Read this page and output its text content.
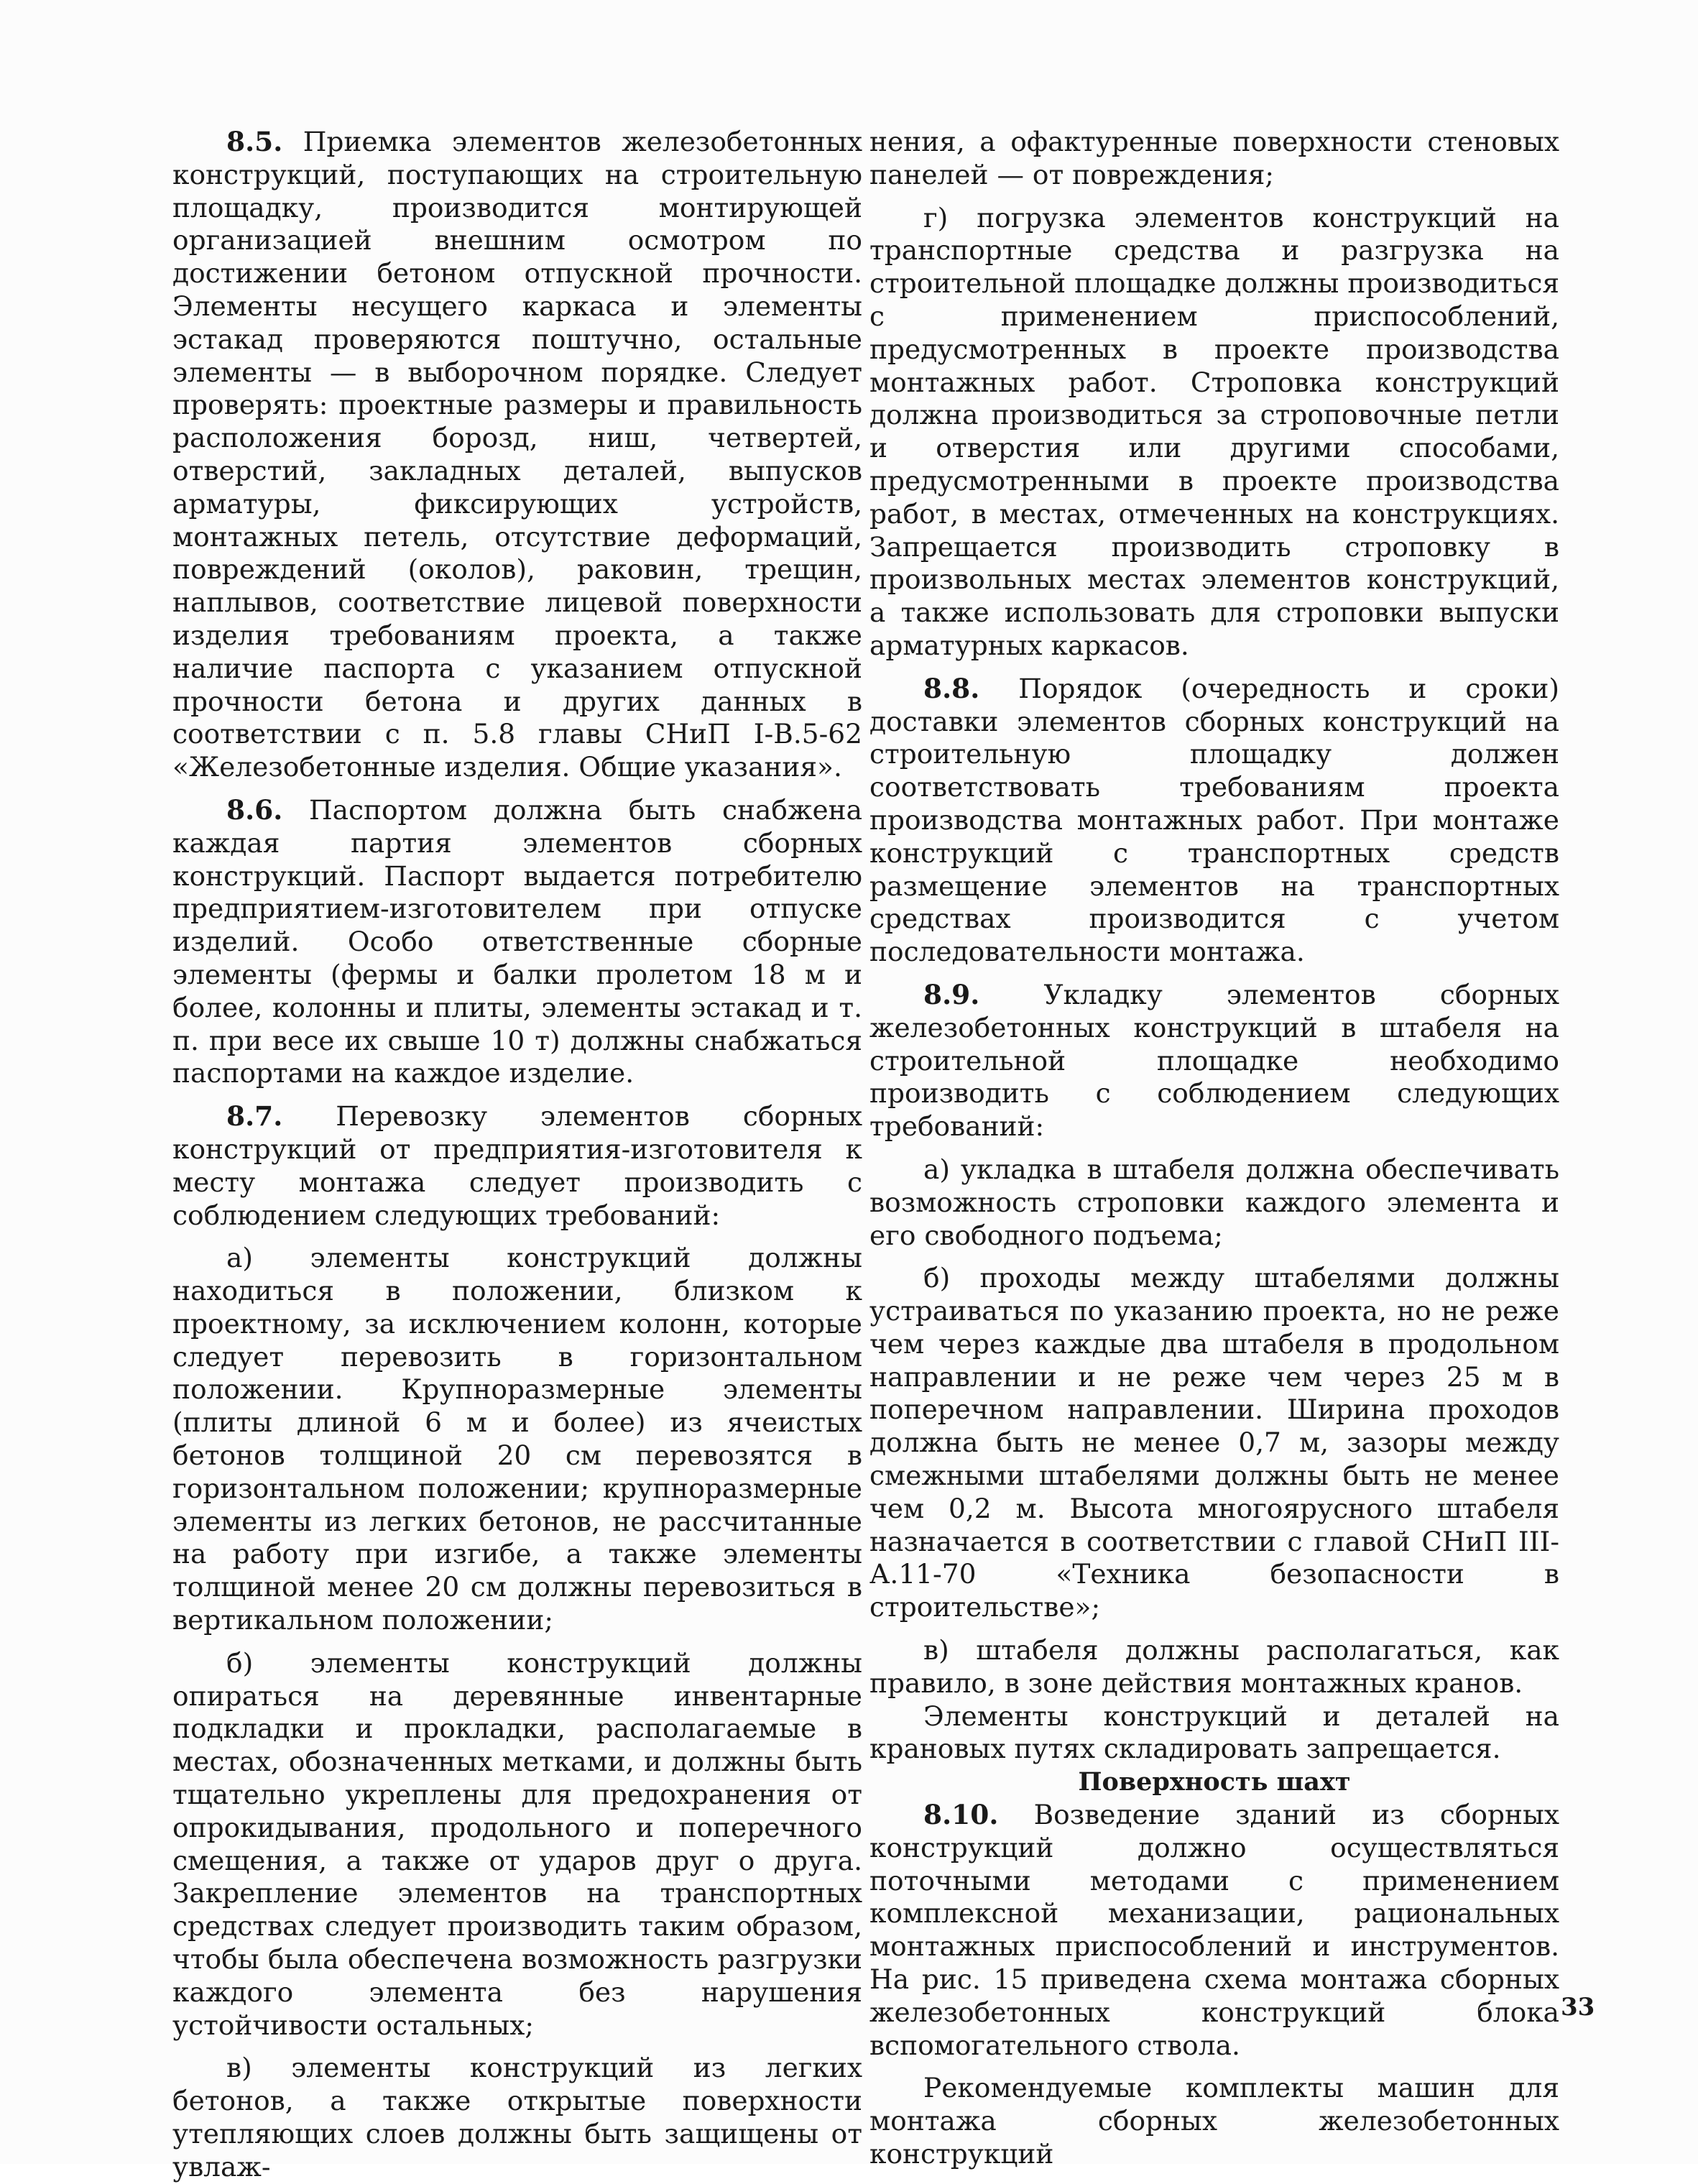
8.5. Приемка элементов железобетонных конструкций, поступающих на строительную площадку, производится монтирующей организацией внешним осмотром по достижении бетоном отпускной прочности. Элементы несущего каркаса и элементы эстакад проверяются поштучно, остальные элементы — в выборочном порядке. Следует проверять: проектные размеры и правильность расположения борозд, ниш, четвертей, отверстий, закладных деталей, выпусков арматуры, фиксирующих устройств, монтажных петель, отсутствие деформаций, повреждений (околов), раковин, трещин, наплывов, соответствие лицевой поверхности изделия требованиям проекта, а также наличие паспорта с указанием отпускной прочности бетона и других данных в соответствии с п. 5.8 главы СНиП I-В.5-62 «Железобетонные изделия. Общие указания».

8.6. Паспортом должна быть снабжена каждая партия элементов сборных конструкций. Паспорт выдается потребителю предприятием-изготовителем при отпуске изделий. Особо ответственные сборные элементы (фермы и балки пролетом 18 м и более, колонны и плиты, элементы эстакад и т. п. при весе их свыше 10 т) должны снабжаться паспортами на каждое изделие.

8.7. Перевозку элементов сборных конструкций от предприятия-изготовителя к месту монтажа следует производить с соблюдением следующих требований:

а) элементы конструкций должны находиться в положении, близком к проектному, за исключением колонн, которые следует перевозить в горизонтальном положении. Крупноразмерные элементы (плиты длиной 6 м и более) из ячеистых бетонов толщиной 20 см перевозятся в горизонтальном положении; крупноразмерные элементы из легких бетонов, не рассчитанные на работу при изгибе, а также элементы толщиной менее 20 см должны перевозиться в вертикальном положении;

б) элементы конструкций должны опираться на деревянные инвентарные подкладки и прокладки, располагаемые в местах, обозначенных метками, и должны быть тщательно укреплены для предохранения от опрокидывания, продольного и поперечного смещения, а также от ударов друг о друга. Закрепление элементов на транспортных средствах следует производить таким образом, чтобы была обеспечена возможность разгрузки каждого элемента без нарушения устойчивости остальных;

в) элементы конструкций из легких бетонов, а также открытые поверхности утепляющих слоев должны быть защищены от увлаж-

нения, а офактуренные поверхности стеновых панелей — от повреждения;

г) погрузка элементов конструкций на транспортные средства и разгрузка на строительной площадке должны производиться с применением приспособлений, предусмотренных в проекте производства монтажных работ. Строповка конструкций должна производиться за строповочные петли и отверстия или другими способами, предусмотренными в проекте производства работ, в местах, отмеченных на конструкциях. Запрещается производить строповку в произвольных местах элементов конструкций, а также использовать для строповки выпуски арматурных каркасов.

8.8. Порядок (очередность и сроки) доставки элементов сборных конструкций на строительную площадку должен соответствовать требованиям проекта производства монтажных работ. При монтаже конструкций с транспортных средств размещение элементов на транспортных средствах производится с учетом последовательности монтажа.

8.9. Укладку элементов сборных железобетонных конструкций в штабеля на строительной площадке необходимо производить с соблюдением следующих требований:

а) укладка в штабеля должна обеспечивать возможность строповки каждого элемента и его свободного подъема;

б) проходы между штабелями должны устраиваться по указанию проекта, но не реже чем через каждые два штабеля в продольном направлении и не реже чем через 25 м в поперечном направлении. Ширина проходов должна быть не менее 0,7 м, зазоры между смежными штабелями должны быть не менее чем 0,2 м. Высота многоярусного штабеля назначается в соответствии с главой СНиП III-А.11-70 «Техника безопасности в строительстве»;

в) штабеля должны располагаться, как правило, в зоне действия монтажных кранов.

Элементы конструкций и деталей на крановых путях складировать запрещается.

Поверхность шахт

8.10. Возведение зданий из сборных конструкций должно осуществляться поточными методами с применением комплексной механизации, рациональных монтажных приспособлений и инструментов. На рис. 15 приведена схема монтажа сборных железобетонных конструкций блока вспомогательного ствола.

Рекомендуемые комплекты машин для монтажа сборных железобетонных конструкций

33
